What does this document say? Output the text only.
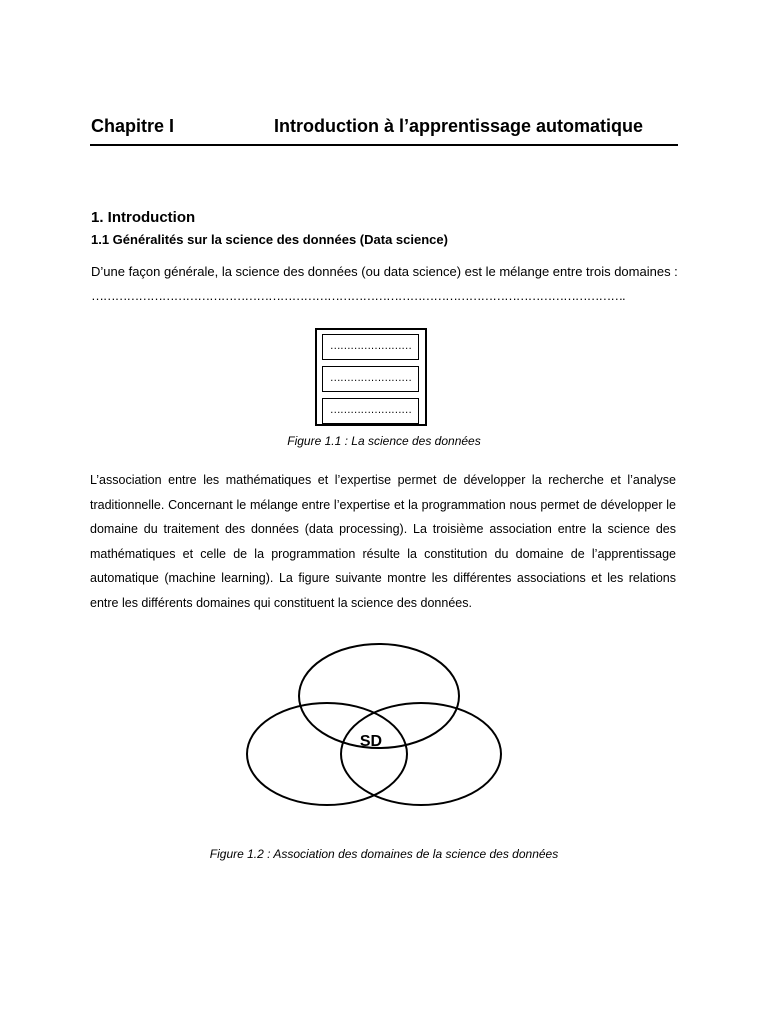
Chapitre I	Introduction à l’apprentissage automatique
1. Introduction
1.1 Généralités sur la science des données (Data science)
D’une façon générale, la science des données (ou data science) est le mélange entre trois domaines :
……………………………………………………………………………………………………………………….
……………………
……………………
……………………
Figure 1.1 : La science des données
L’association entre les mathématiques et l’expertise permet de développer la recherche et l’analyse traditionnelle. Concernant le mélange entre l’expertise et la programmation nous permet de développer le domaine du traitement des données (data processing). La troisième association entre la science des mathématiques et celle de la programmation résulte la constitution du domaine de l’apprentissage automatique (machine learning). La figure suivante montre les différentes associations et les relations entre les différents domaines qui constituent la science des données.
SD
Figure 1.2 : Association des domaines de la science des données
